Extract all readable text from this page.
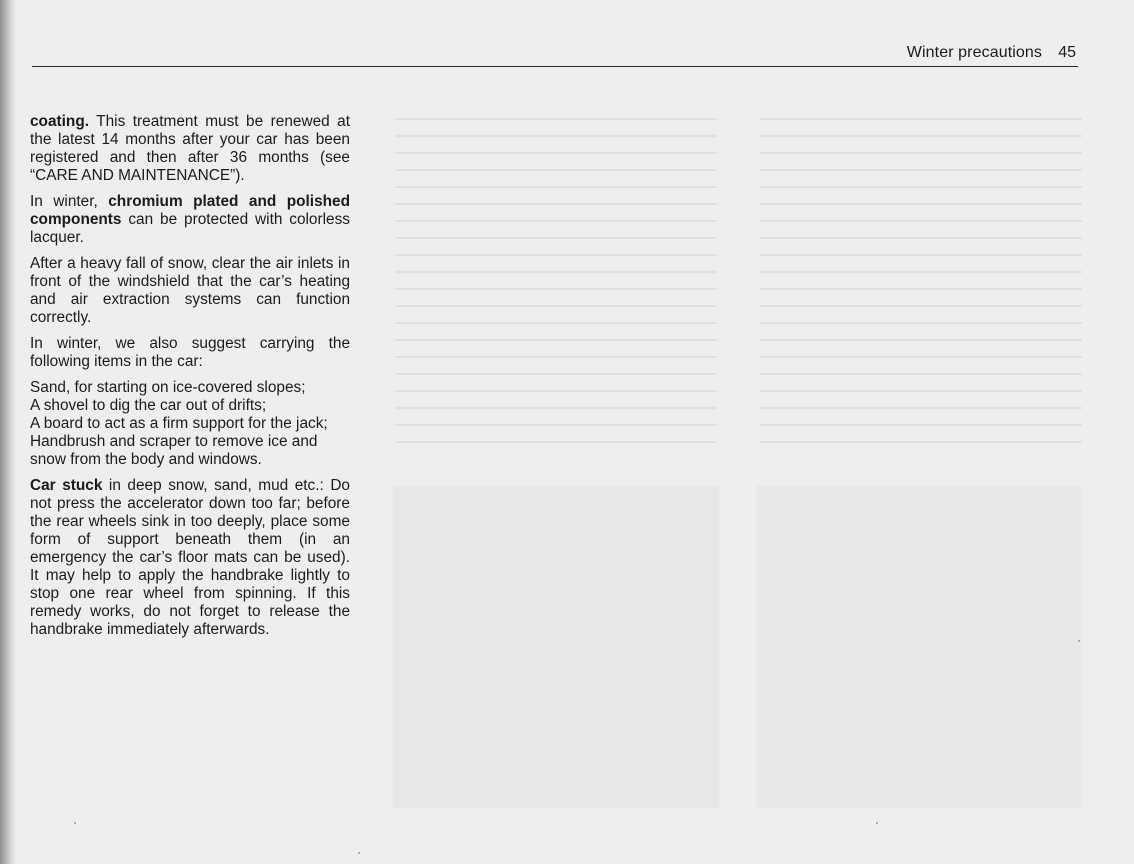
Winter precautions 45

coating. This treatment must be renewed at the latest 14 months after your car has been registered and then after 36 months (see “CARE AND MAINTENANCE”).

In winter, chromium plated and polished components can be protected with colorless lacquer.

After a heavy fall of snow, clear the air inlets in front of the windshield that the car’s heating and air extraction systems can function correctly.

In winter, we also suggest carrying the following items in the car:

Sand, for starting on ice-covered slopes;
A shovel to dig the car out of drifts;
A board to act as a firm support for the jack;
Handbrush and scraper to remove ice and snow from the body and windows.

Car stuck in deep snow, sand, mud etc.: Do not press the accelerator down too far; before the rear wheels sink in too deeply, place some form of support beneath them (in an emergency the car’s floor mats can be used). It may help to apply the handbrake lightly to stop one rear wheel from spinning. If this remedy works, do not forget to release the handbrake immediately afterwards.
